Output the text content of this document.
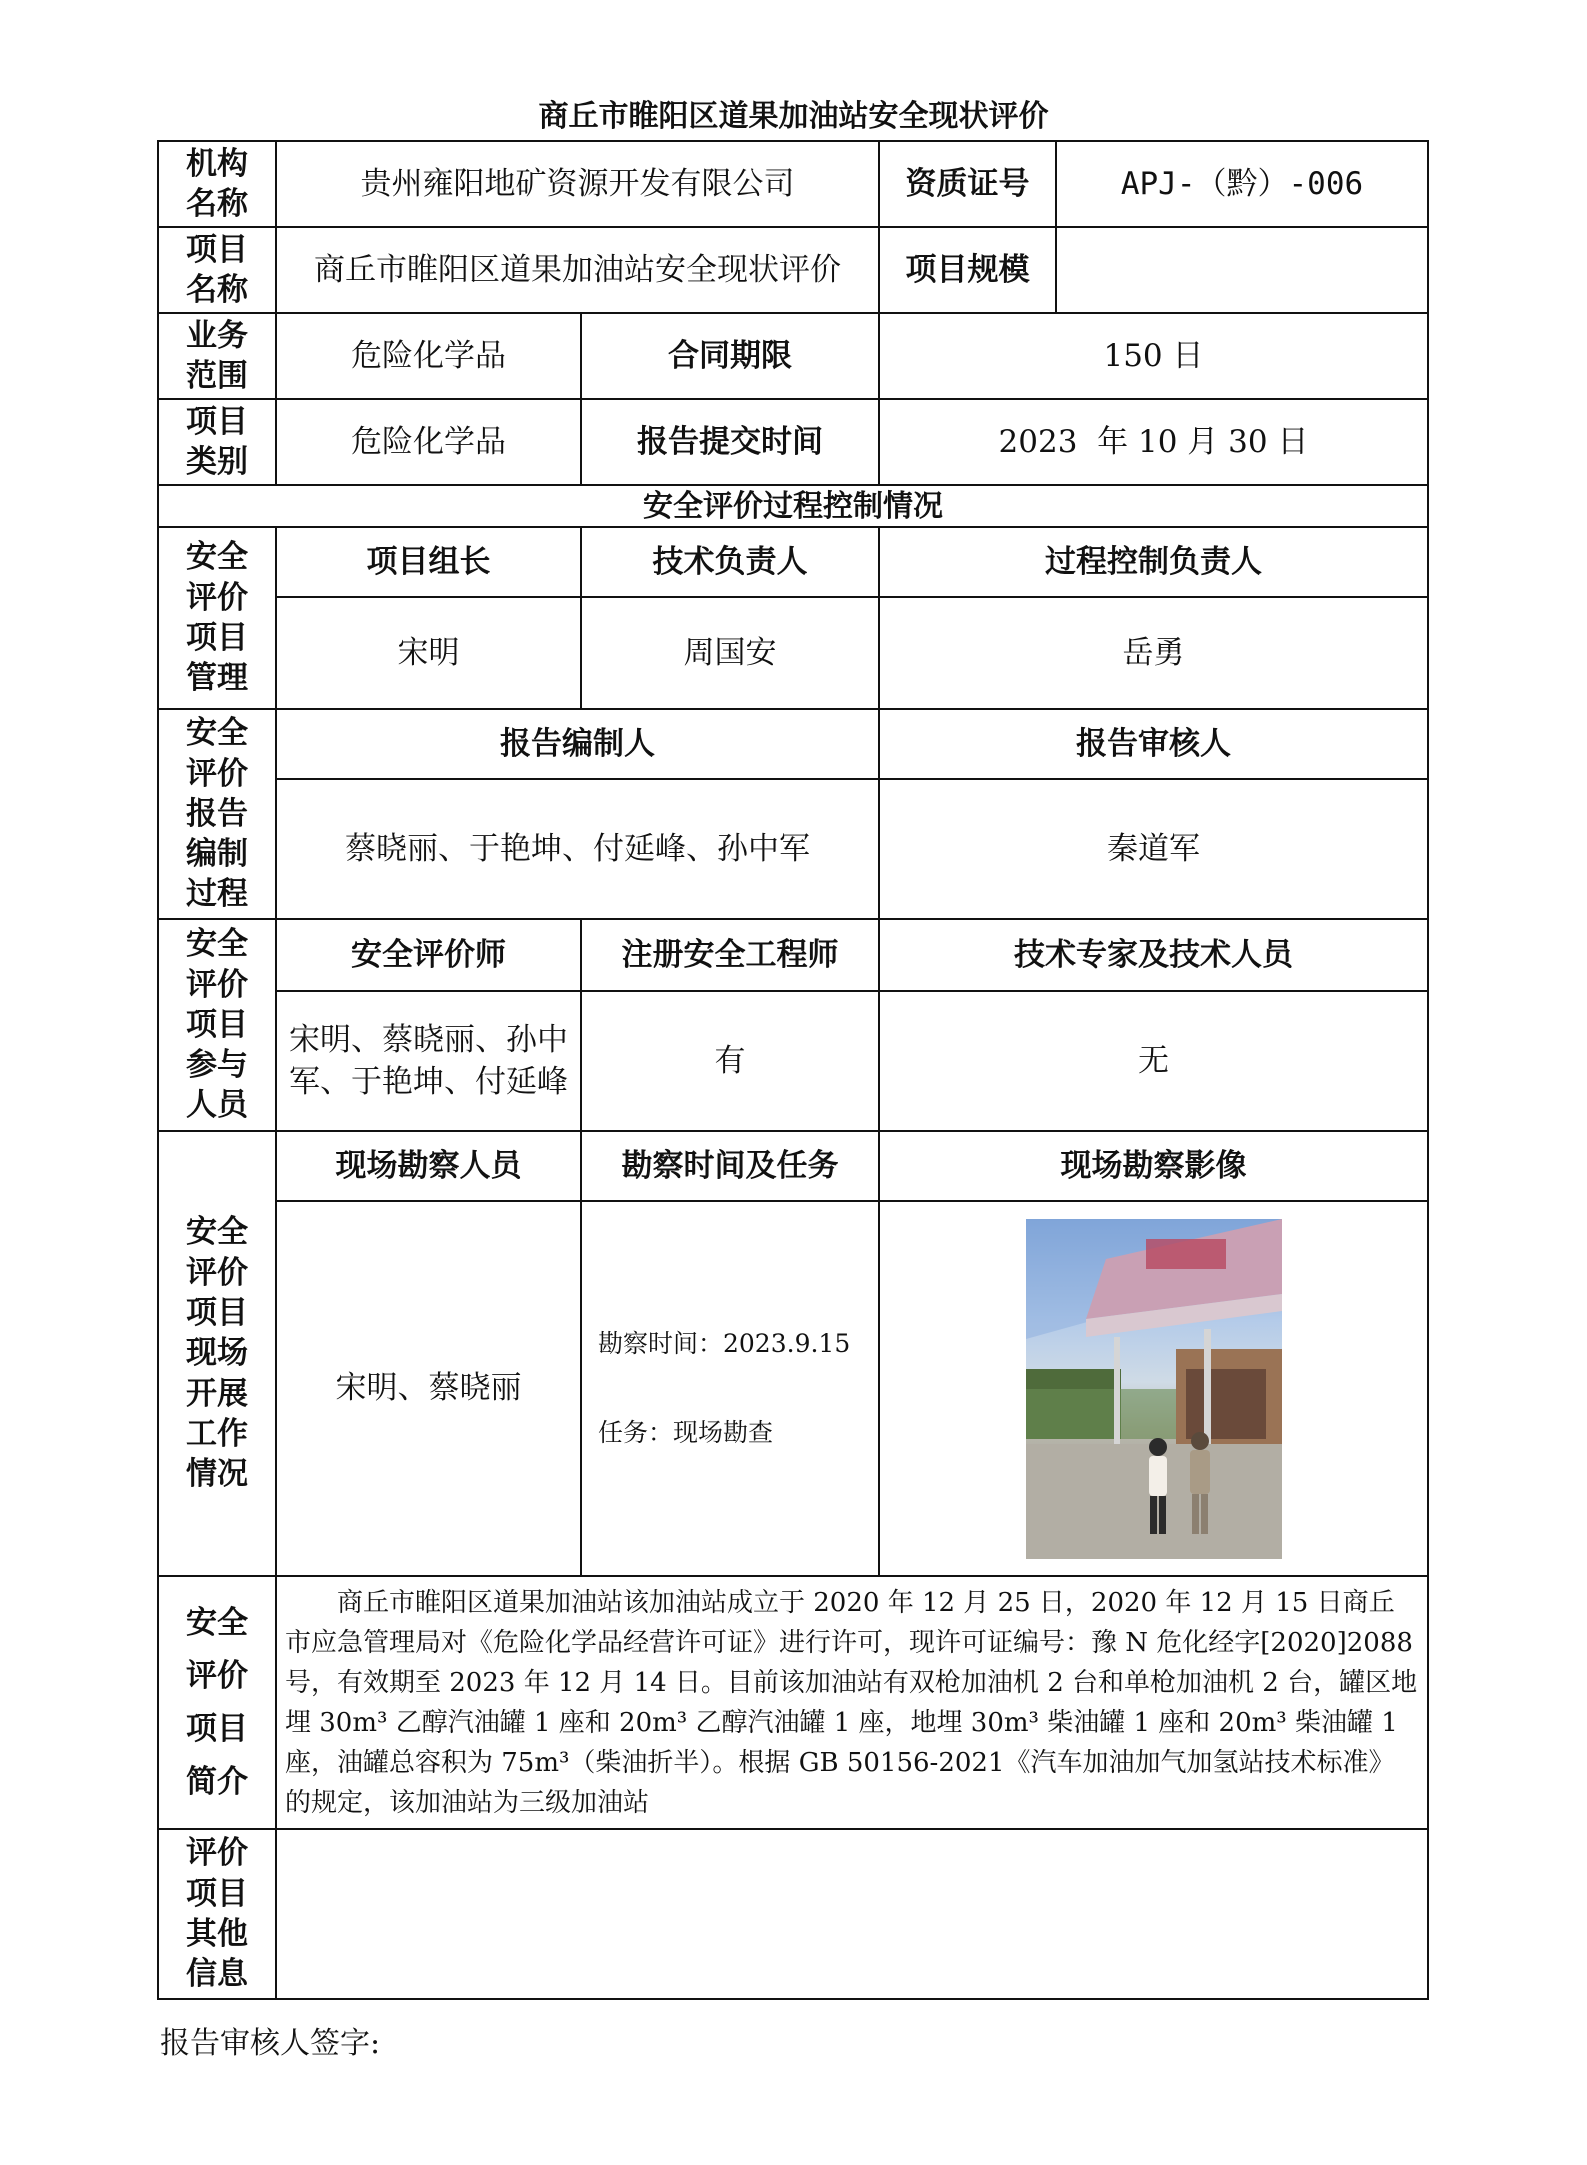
商丘市睢阳区道果加油站安全现状评价
机构名称	贵州雍阳地矿资源开发有限公司		资质证号	APJ-（黔）-006
项目名称	商丘市睢阳区道果加油站安全现状评价		项目规模	
业务范围	危险化学品	合同期限	150 日	
项目类别	危险化学品	报告提交时间	2023  年 10 月 30 日	
安全评价过程控制情况				
安全评价项目管理	项目组长	技术负责人	过程控制负责人	
	宋明	周国安	岳勇	
安全评价报告编制过程	报告编制人		报告审核人	
	蔡晓丽、于艳坤、付延峰、孙中军		秦道军	
安全评价项目参与人员	安全评价师	注册安全工程师	技术专家及技术人员	
	宋明、蔡晓丽、孙中军、于艳坤、付延峰	有	无	
安全评价项目现场开展工作情况	现场勘察人员	勘察时间及任务	现场勘察影像	
	宋明、蔡晓丽	勘察时间：2023.9.15

任务：现场勘查

安全评价项目简介	商丘市睢阳区道果加油站该加油站成立于 2020 年 12 月 25 日，2020 年 12 月 15 日商丘市应急管理局对《危险化学品经营许可证》进行许可，现许可证编号：豫 N 危化经字[2020]2088 号，有效期至 2023 年 12 月 14 日。目前该加油站有双枪加油机 2 台和单枪加油机 2 台，罐区地埋 30m³ 乙醇汽油罐 1 座和 20m³ 乙醇汽油罐 1 座，地埋 30m³ 柴油罐 1 座和 20m³ 柴油罐 1 座，油罐总容积为 75m³（柴油折半）。根据 GB 50156-2021《汽车加油加气加氢站技术标准》的规定，该加油站为三级加油站			
评价项目其他信息				
报告审核人签字:
